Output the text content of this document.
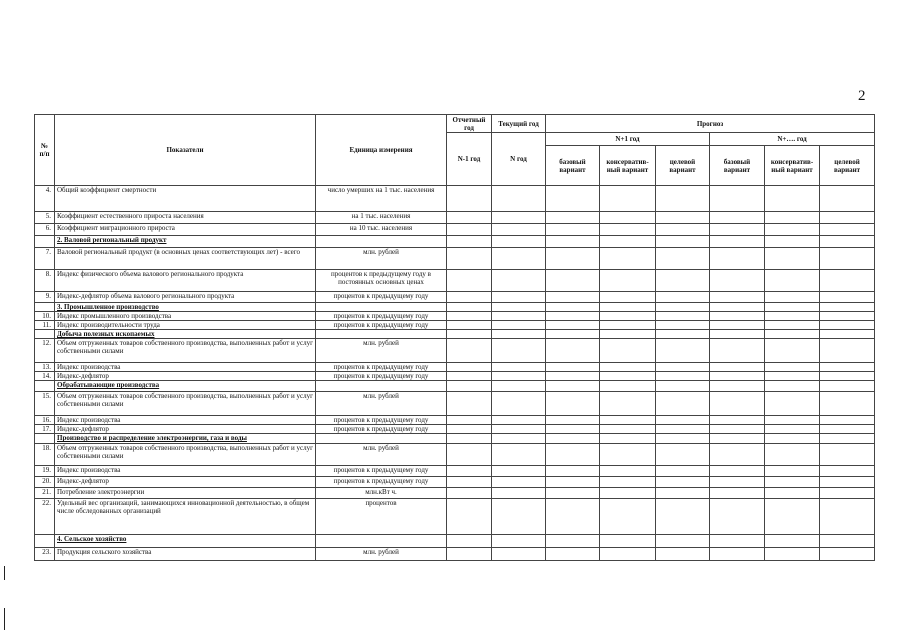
2
№
п/п	Показатели	Единица измерения	Отчетный год	Текущий год	Прогноз					
			N-1 год	N год	N+1 год			N+…. год		
					базовый вариант	консерватив-ный вариант	целевой вариант	базовый вариант	консерватив-ный вариант	целевой вариант
4.	Общий коэффициент смертности	число умерших на 1 тыс. населения								
5.	Коэффициент естественного прироста населения	на 1 тыс. населения								
6.	Коэффициент миграционного прироста	на 10 тыс. населения								
	2. Валовой региональный продукт									
7.	Валовой региональный продукт (в основных ценах соответствующих лет) - всего	млн. рублей								
8.	Индекс физического объема валового регионального продукта	процентов к предыдущему году в постоянных основных ценах								
9.	Индекс-дефлятор объема валового регионального продукта	процентов к предыдущему году								
	3. Промышленное производство									
10.	Индекс промышленного производства	процентов к предыдущему году								
11.	Индекс производительности труда	процентов к предыдущему году								
	Добыча полезных ископаемых									
12.	Объем отгруженных товаров собственного производства, выполненных работ и услуг собственными силами	млн. рублей								
13.	Индекс производства	процентов к предыдущему году								
14.	Индекс-дефлятор	процентов к предыдущему году								
	Обрабатывающие производства									
15.	Объем отгруженных товаров собственного производства, выполненных работ и услуг собственными силами	млн. рублей								
16.	Индекс производства	процентов к предыдущему году								
17.	Индекс-дефлятор	процентов к предыдущему году								
	Производство и распределение электроэнергии, газа и воды									
18.	Объем отгруженных товаров собственного производства, выполненных работ и услуг собственными силами	млн. рублей								
19.	Индекс производства	процентов к предыдущему году								
20.	Индекс-дефлятор	процентов к предыдущему году								
21.	Потребление электроэнергии	млн.кВт ч.								
22.	Удельный вес организаций, занимающихся инновационной деятельностью, в общем числе обследованных организаций	процентов								
	4. Сельское хозяйство									
23.	Продукция сельского хозяйства	млн. рублей								
